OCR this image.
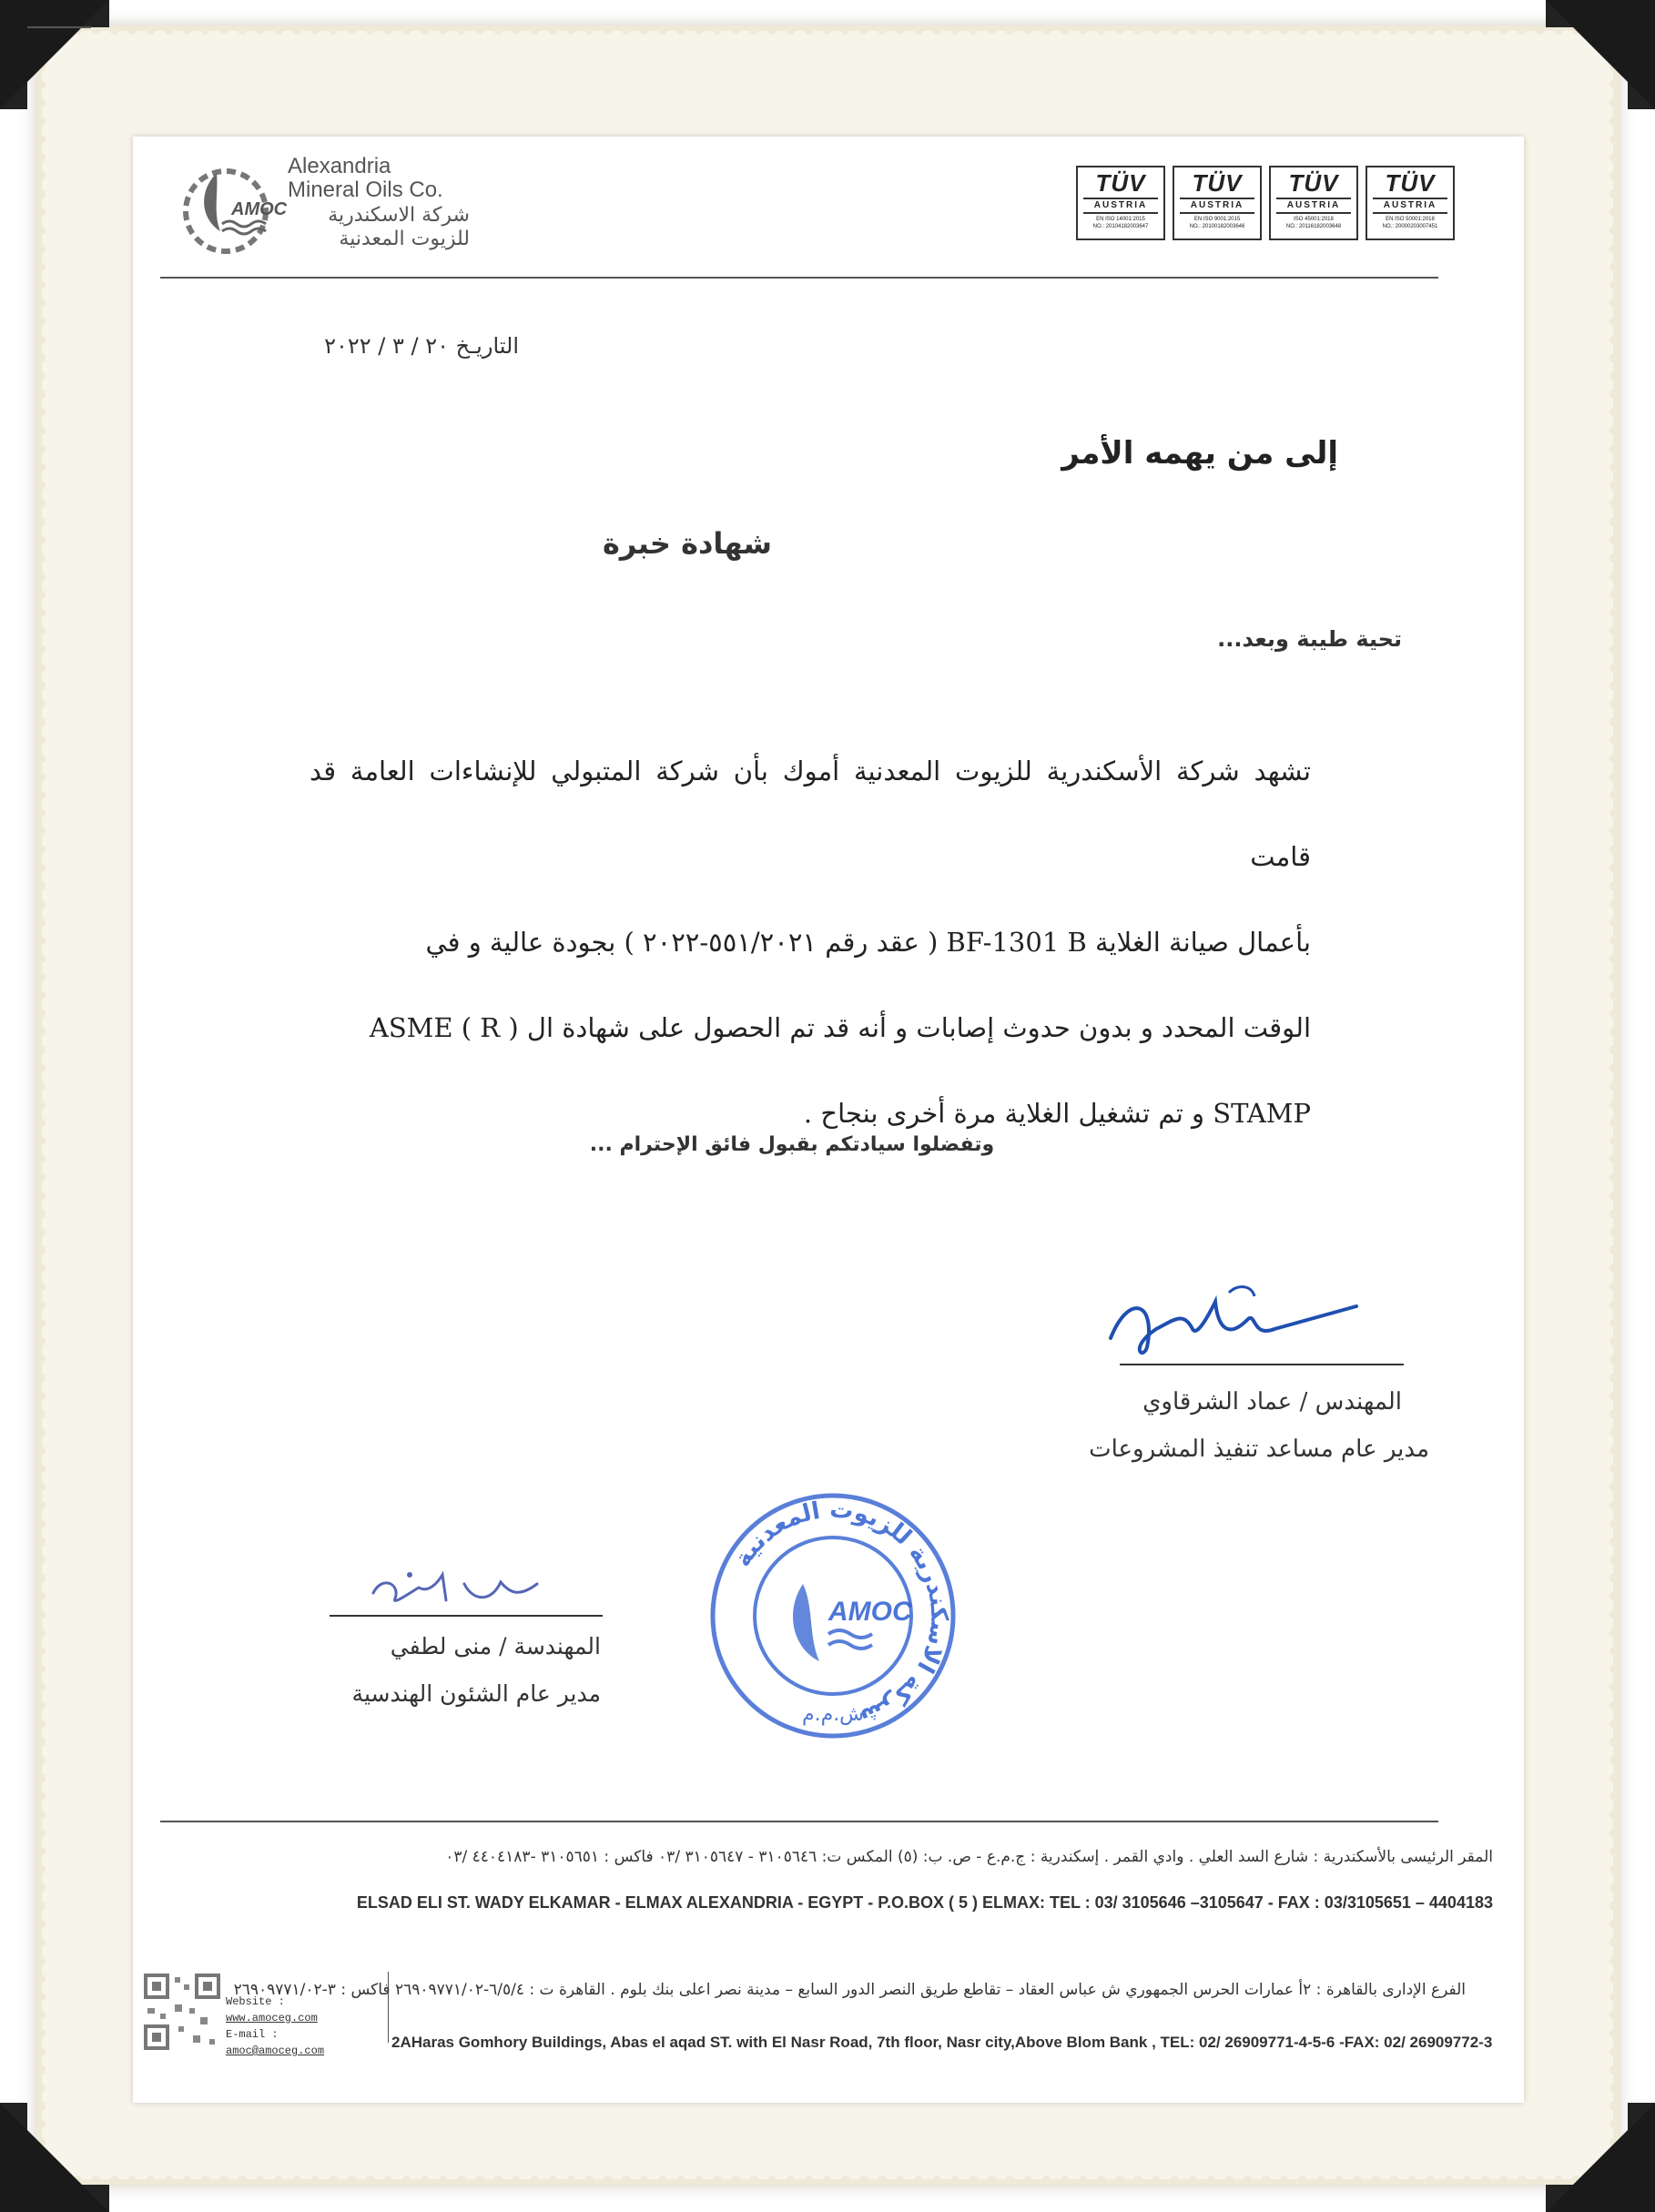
AMOC
Alexandria
Mineral Oils Co.
شركة الاسكندرية
للزيوت المعدنية
TÜV
AUSTRIA
EN ISO 14001:2015
NO.: 20104182003647
TÜV
AUSTRIA
EN ISO 9001:2015
NO.: 20100182003646
TÜV
AUSTRIA
ISO 45001:2018
NO.: 20116182003648
TÜV
AUSTRIA
EN ISO 50001:2018
NO.: 20000203007451
التاريـخ ٢٠ / ٣ / ٢٠٢٢
إلى من يهمه الأمر
شهادة خبرة
تحية طيبة وبعد...
تشهد شركة الأسكندرية للزيوت المعدنية أموك بأن شركة المتبولي للإنشاءات العامة قد قامت
بأعمال صيانة الغلاية BF-1301 B ( عقد رقم ٥٥١/٢٠٢١-٢٠٢٢ ) بجودة عالية و في
الوقت المحدد و بدون حدوث إصابات و أنه قد تم الحصول على شهادة ال ASME ( R )
STAMP و تم تشغيل الغلاية مرة أخرى بنجاح .
وتفضلوا سيادتكم بقبول فائق الإحترام ...
المهندس / عماد الشرقاوي
مدير عام مساعد تنفيذ المشروعات
شركة الاسكندرية للزيوت المعدنية
AMOC
ش.م.م
المهندسة / منى لطفي
مدير عام الشئون الهندسية
المقر الرئيسى بالأسكندرية : شارع السد العلي . وادي القمر . إسكندرية : ج.م.ع - ص. ب: (٥) المكس ت: ٣١٠٥٦٤٦ - ٣١٠٥٦٤٧ /٠٣ فاكس : ٣١٠٥٦٥١ -٤٤٠٤١٨٣ /٠٣
ELSAD ELI ST. WADY ELKAMAR - ELMAX ALEXANDRIA - EGYPT - P.O.BOX ( 5 ) ELMAX: TEL : 03/ 3105646 –3105647 - FAX : 03/3105651 – 4404183
Website : www.amoceg.com
E-mail : amoc@amoceg.com
الفرع الإدارى بالقاهرة : ٢أ عمارات الحرس الجمهوري ش عباس العقاد – تقاطع طريق النصر الدور السابع – مدينة نصر اعلى بنك بلوم . القاهرة ت : ٦/٥/٤-٢٦٩٠٩٧٧١/٠٢ فاكس : ٣-٢٦٩٠٩٧٧١/٠٢
2AHaras Gomhory Buildings, Abas el aqad ST. with El Nasr Road, 7th floor, Nasr city,Above Blom Bank , TEL: 02/ 26909771-4-5-6 -FAX: 02/ 26909772-3
